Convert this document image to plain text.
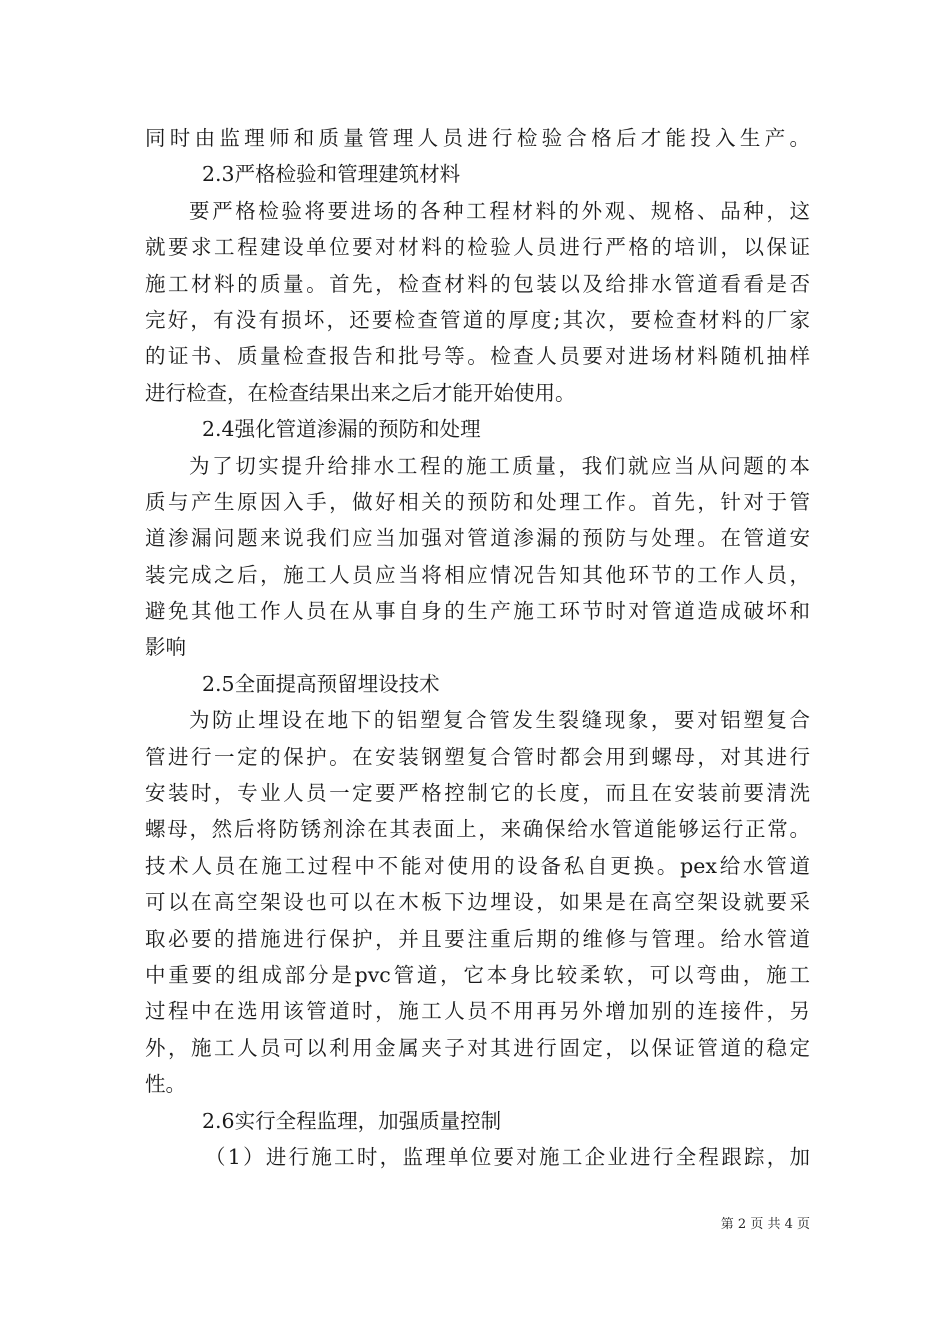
同时由监理师和质量管理人员进行检验合格后才能投入生产。
2.3严格检验和管理建筑材料
要严格检验将要进场的各种工程材料的外观、规格、品种，这
就要求工程建设单位要对材料的检验人员进行严格的培训，以保证
施工材料的质量。首先，检查材料的包装以及给排水管道看看是否
完好，有没有损坏，还要检查管道的厚度;其次，要检查材料的厂家
的证书、质量检查报告和批号等。检查人员要对进场材料随机抽样
进行检查，在检查结果出来之后才能开始使用。
2.4强化管道渗漏的预防和处理
为了切实提升给排水工程的施工质量，我们就应当从问题的本
质与产生原因入手，做好相关的预防和处理工作。首先，针对于管
道渗漏问题来说我们应当加强对管道渗漏的预防与处理。在管道安
装完成之后，施工人员应当将相应情况告知其他环节的工作人员，
避免其他工作人员在从事自身的生产施工环节时对管道造成破坏和
影响
2.5全面提高预留埋设技术
为防止埋设在地下的铝塑复合管发生裂缝现象，要对铝塑复合
管进行一定的保护。在安装钢塑复合管时都会用到螺母，对其进行
安装时，专业人员一定要严格控制它的长度，而且在安装前要清洗
螺母，然后将防锈剂涂在其表面上，来确保给水管道能够运行正常。
技术人员在施工过程中不能对使用的设备私自更换。pex给水管道
可以在高空架设也可以在木板下边埋设，如果是在高空架设就要采
取必要的措施进行保护，并且要注重后期的维修与管理。给水管道
中重要的组成部分是pvc管道，它本身比较柔软，可以弯曲，施工
过程中在选用该管道时，施工人员不用再另外增加别的连接件，另
外，施工人员可以利用金属夹子对其进行固定，以保证管道的稳定
性。
2.6实行全程监理，加强质量控制
（1）进行施工时，监理单位要对施工企业进行全程跟踪，加
第 2 页 共 4 页
